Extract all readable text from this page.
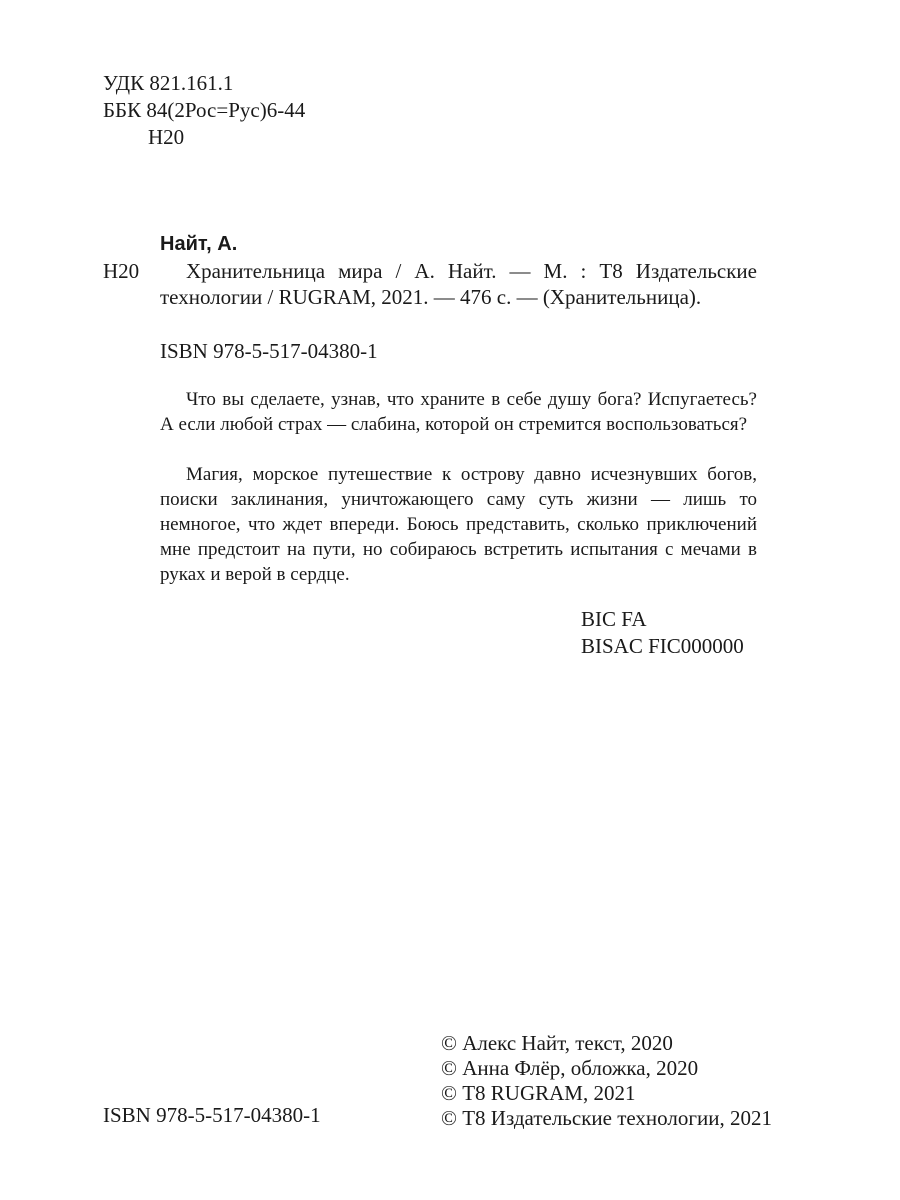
УДК 821.161.1

ББК 84(2Рос=Рус)6-44

Н20

Найт, А.

Н20	Хранительница мира / А. Найт. — М. : Т8 Издательские технологии / RUGRAM, 2021. — 476 с. — (Хранительница).

ISBN 978-5-517-04380-1

Что вы сделаете, узнав, что храните в себе душу бога? Испугаетесь? А если любой страх — слабина, которой он стремится воспользоваться?

Магия, морское путешествие к острову давно исчезнувших богов, поиски заклинания, уничтожающего саму суть жизни — лишь то немногое, что ждет впереди. Боюсь представить, сколько приключений мне предстоит на пути, но собираюсь встретить испытания с мечами в руках и верой в сердце.

BIC FA

BISAC FIC000000

ISBN 978-5-517-04380-1

© Алекс Найт, текст, 2020

© Анна Флёр, обложка, 2020

© Т8 RUGRAM, 2021

© Т8 Издательские технологии, 2021
